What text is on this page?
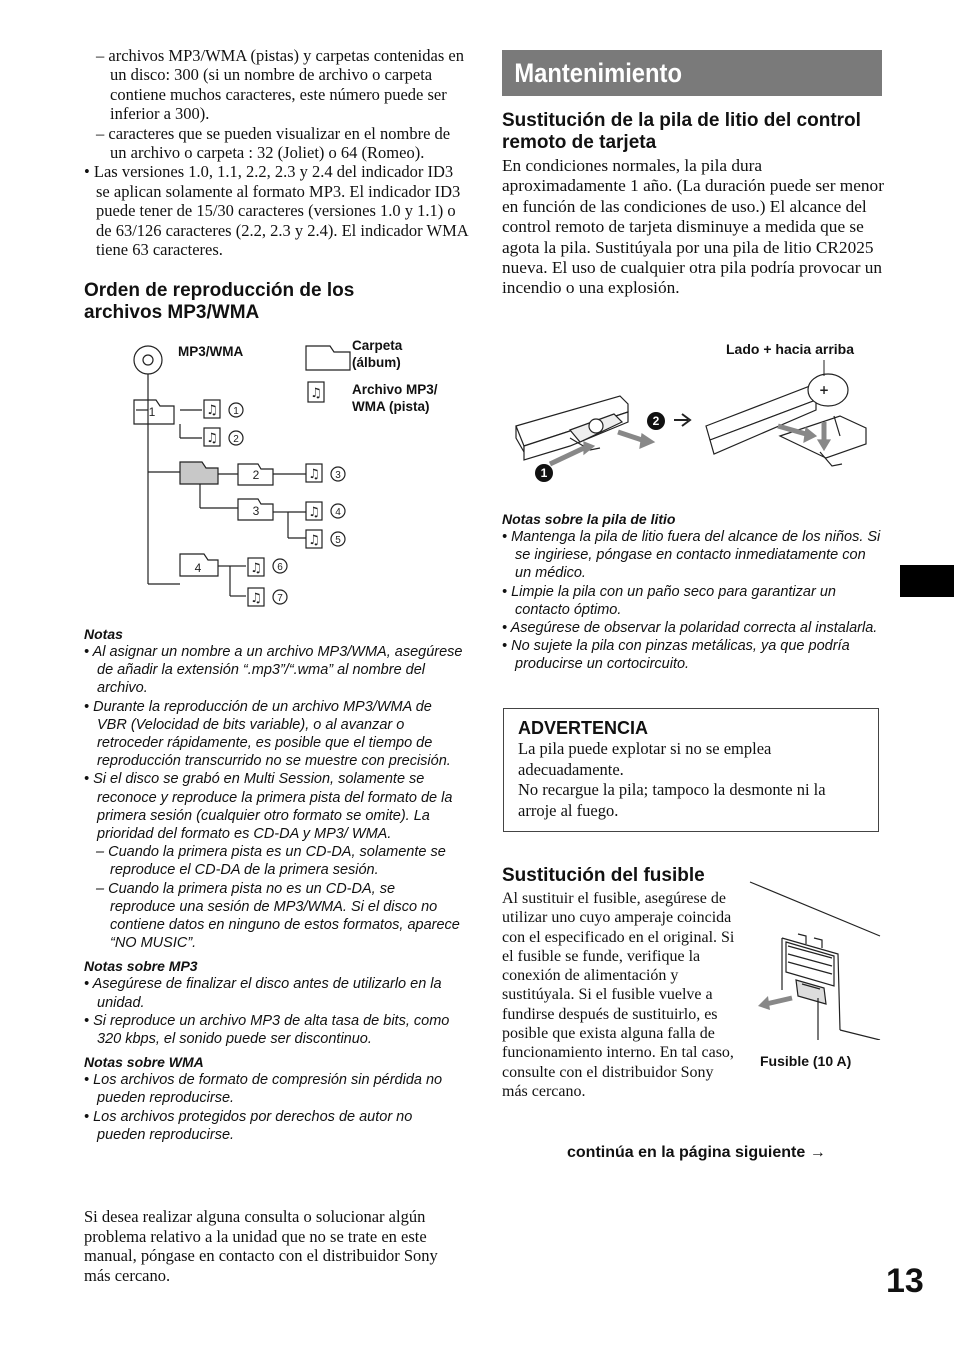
– archivos MP3/WMA (pistas) y carpetas contenidas en un disco: 300 (si un nombre de archivo o carpeta contiene muchos caracteres, este número puede ser inferior a 300).

– caracteres que se pueden visualizar en el nombre de un archivo o carpeta : 32 (Joliet) o 64 (Romeo).

• Las versiones 1.0, 1.1, 2.2, 2.3 y 2.4 del indicador ID3 se aplican solamente al formato MP3. El indicador ID3 puede tener de 15/30 caracteres (versiones 1.0 y 1.1) o de 63/126 caracteres (2.2, 2.3 y 2.4). El indicador WMA tiene 63 caracteres.

Orden de reproducción de los archivos MP3/WMA
♫
♫
♫
♫
♫
♫
♫
♫
1
2
3
4
1
2
3
4
5
6
7
MP3/WMA	Carpeta (álbum)
Archivo MP3/ WMA (pista)

Notas

• Al asignar un nombre a un archivo MP3/WMA, asegúrese de añadir la extensión “.mp3”/“.wma” al nombre del archivo.

• Durante la reproducción de un archivo MP3/WMA de VBR (Velocidad de bits variable), o al avanzar o retroceder rápidamente, es posible que el tiempo de reproducción transcurrido no se muestre con precisión.

• Si el disco se grabó en Multi Session, solamente se reconoce y reproduce la primera pista del formato de la primera sesión (cualquier otro formato se omite). La prioridad del formato es CD-DA y MP3/ WMA.

– Cuando la primera pista es un CD-DA, solamente se reproduce el CD-DA de la primera sesión.

– Cuando la primera pista no es un CD-DA, se reproduce una sesión de MP3/WMA. Si el disco no contiene datos en ninguno de estos formatos, aparece “NO MUSIC”.

Notas sobre MP3

• Asegúrese de finalizar el disco antes de utilizarlo en la unidad.

• Si reproduce un archivo MP3 de alta tasa de bits, como 320 kbps, el sonido puede ser discontinuo.

Notas sobre WMA

• Los archivos de formato de compresión sin pérdida no pueden reproducirse.

• Los archivos protegidos por derechos de autor no pueden reproducirse.

Si desea realizar alguna consulta o solucionar algún problema relativo a la unidad que no se trate en este manual, póngase en contacto con el distribuidor Sony más cercano.

Mantenimiento
Sustitución de la pila de litio del control remoto de tarjeta

En condiciones normales, la pila dura aproximadamente 1 año. (La duración puede ser menor en función de las condiciones de uso.) El alcance del control remoto de tarjeta disminuye a medida que se agota la pila. Sustitúyala por una pila de litio CR2025 nueva. El uso de cualquier otra pila podría provocar un incendio o una explosión.

Lado + hacia arriba
+
1
2

Notas sobre la pila de litio

• Mantenga la pila de litio fuera del alcance de los niños. Si se ingiriese, póngase en contacto inmediatamente con un médico.

• Limpie la pila con un paño seco para garantizar un contacto óptimo.

• Asegúrese de observar la polaridad correcta al instalarla.

• No sujete la pila con pinzas metálicas, ya que podría producirse un cortocircuito.

ADVERTENCIA

La pila puede explotar si no se emplea adecuadamente.

No recargue la pila; tampoco la desmonte ni la arroje al fuego.

Sustitución del fusible

Al sustituir el fusible, asegúrese de utilizar uno cuyo amperaje coincida con el especificado en el original. Si el fusible se funde, verifique la conexión de alimentación y sustitúyala. Si el fusible vuelve a fundirse después de sustituirlo, es posible que exista alguna falla de funcionamiento interno. En tal caso, consulte con el distribuidor Sony más cercano.

Fusible (10 A)
continúa en la página siguiente →
13
